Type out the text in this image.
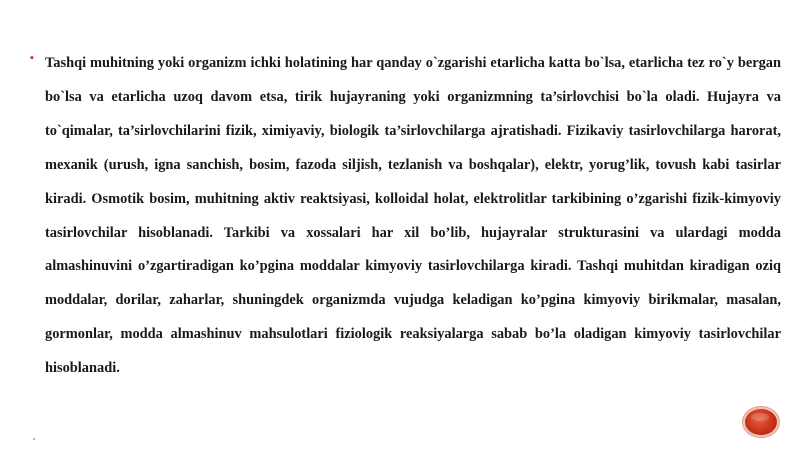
▪ Tashqi muhitning yoki organizm ichki holatining har qanday o`zgarishi etarlicha katta bo`lsa, etarlicha tez ro`y bergan bo`lsa va etarlicha uzoq davom etsa, tirik hujayraning yoki organizmning ta’sirlovchisi bo`la oladi. Hujayra va to`qimalar, ta’sirlovchilarini fizik, ximiyaviy, biologik ta’sirlovchilarga ajratishadi. Fizikaviy tasirlovchilarga harorat, mexanik (urush, igna sanchish, bosim, fazoda siljish, tezlanish va boshqalar), elektr, yorug’lik, tovush kabi tasirlar kiradi. Osmotik bosim, muhitning aktiv reaktsiyasi, kolloidal holat, elektrolitlar tarkibining o’zgarishi fizik-kimyoviy tasirlovchilar hisoblanadi. Tarkibi va xossalari har xil bo’lib, hujayralar strukturasini va ulardagi modda almashinuvini o’zgartiradigan ko’pgina moddalar kimyoviy tasirlovchilarga kiradi. Tashqi muhitdan kiradigan oziq moddalar, dorilar, zaharlar, shuningdek organizmda vujudga keladigan ko’pgina kimyoviy birikmalar, masalan, gormonlar, modda almashinuv mahsulotlari fiziologik reaksiyalarga sabab bo’la oladigan kimyoviy tasirlovchilar hisoblanadi.
